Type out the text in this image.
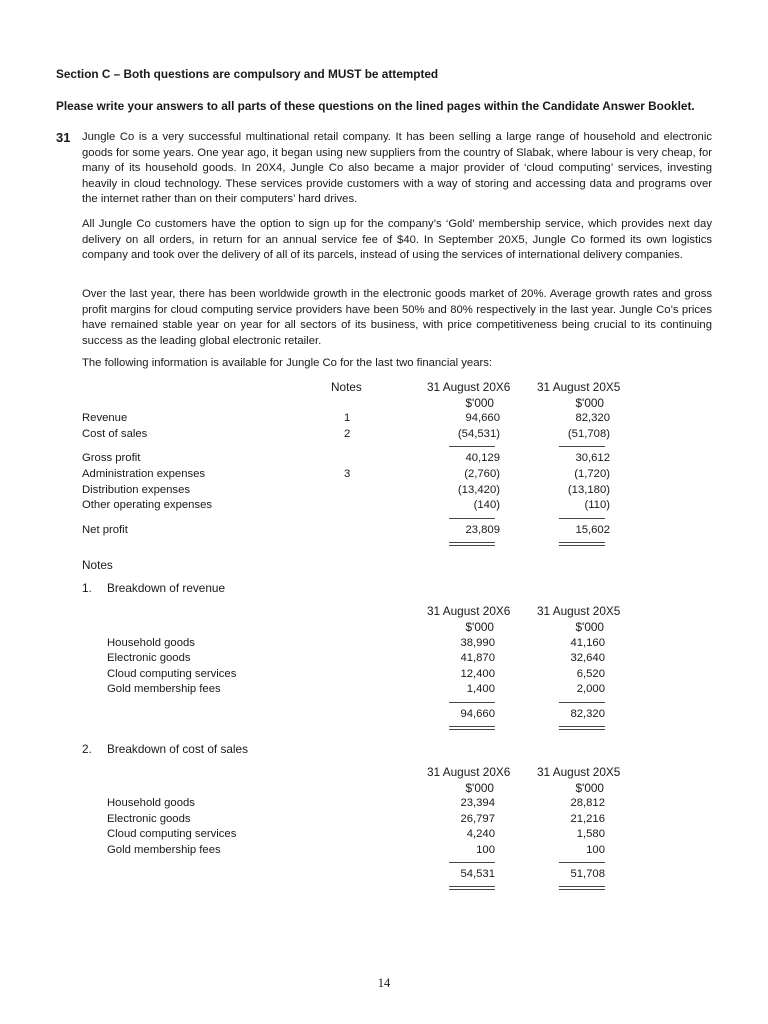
Section C – Both questions are compulsory and MUST be attempted
Please write your answers to all parts of these questions on the lined pages within the Candidate Answer Booklet.
31 Jungle Co is a very successful multinational retail company. It has been selling a large range of household and electronic goods for some years. One year ago, it began using new suppliers from the country of Slabak, where labour is very cheap, for many of its household goods. In 20X4, Jungle Co also became a major provider of ‘cloud computing’ services, investing heavily in cloud technology. These services provide customers with a way of storing and accessing data and programs over the internet rather than on their computers’ hard drives.
All Jungle Co customers have the option to sign up for the company’s ‘Gold’ membership service, which provides next day delivery on all orders, in return for an annual service fee of $40. In September 20X5, Jungle Co formed its own logistics company and took over the delivery of all of its parcels, instead of using the services of international delivery companies.
Over the last year, there has been worldwide growth in the electronic goods market of 20%. Average growth rates and gross profit margins for cloud computing service providers have been 50% and 80% respectively in the last year. Jungle Co’s prices have remained stable year on year for all sectors of its business, with price competitiveness being crucial to its continuing success as the leading global electronic retailer.
The following information is available for Jungle Co for the last two financial years:
Notes	31 August 20X6 31 August 20X5
$'000	$'000
Revenue	1	94,660	82,320
Cost of sales	2	(54,531)	(51,708)
Gross profit	40,129	30,612
Administration expenses	3	(2,760)	(1,720)
Distribution expenses	(13,420)	(13,180)
Other operating expenses	(140)	(110)
Net profit	23,809	15,602
Notes
1. Breakdown of revenue
31 August 20X6 31 August 20X5
$'000	$'000
Household goods	38,990	41,160
Electronic goods	41,870	32,640
Cloud computing services	12,400	6,520
Gold membership fees	1,400	2,000
94,660	82,320
2. Breakdown of cost of sales
31 August 20X6 31 August 20X5
$'000	$'000
Household goods	23,394	28,812
Electronic goods	26,797	21,216
Cloud computing services	4,240	1,580
Gold membership fees	100	100
54,531	51,708
14
